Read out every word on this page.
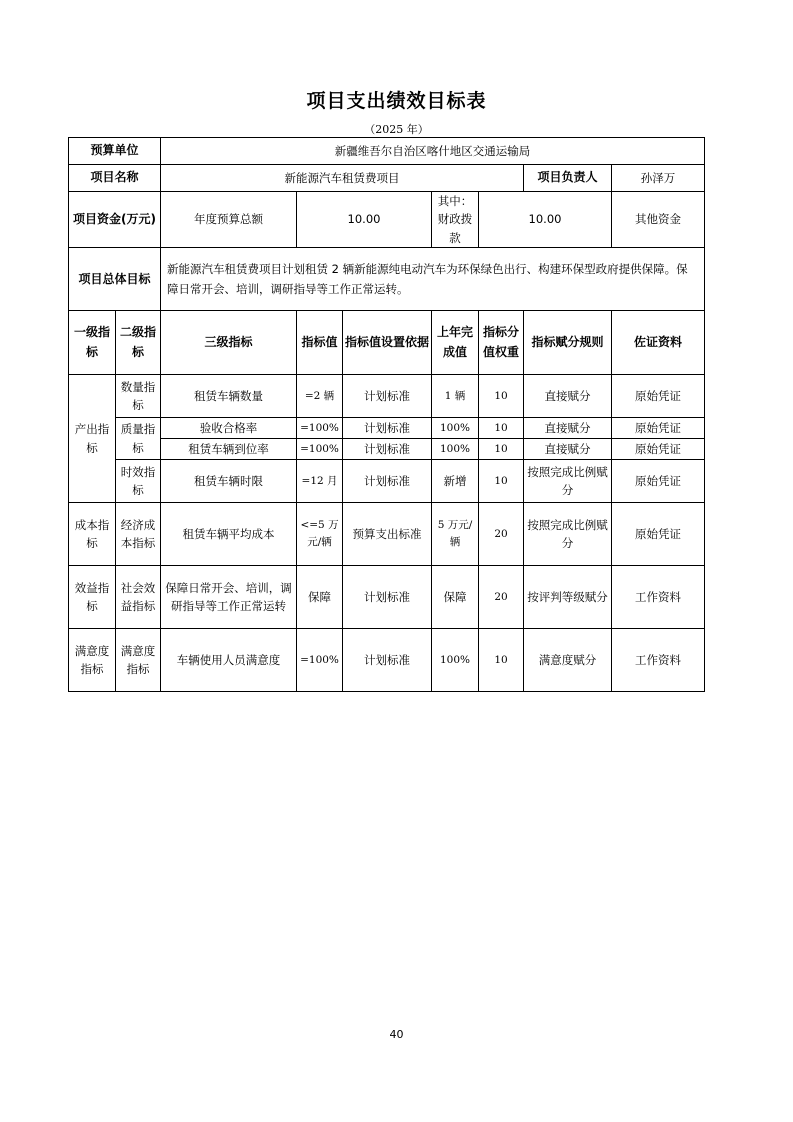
项目支出绩效目标表
（2025 年）
预算单位		新疆维吾尔自治区喀什地区交通运输局						
项目名称		新能源汽车租赁费项目					项目负责人	孙泽万
项目资金(万元)		年度预算总额	10.00		其中：财政拨款	10.00		其他资金
项目总体目标		新能源汽车租赁费项目计划租赁 2 辆新能源纯电动汽车为环保绿色出行、构建环保型政府提供保障。保障日常开会、培训，调研指导等工作正常运转。						
一级指标	二级指标	三级指标	指标值	指标值设置依据	上年完成值	指标分值权重	指标赋分规则	佐证资料
产出指标	数量指标	租赁车辆数量	=2 辆	计划标准	1 辆	10	直接赋分	原始凭证
	质量指标	验收合格率	=100%	计划标准	100%	10	直接赋分	原始凭证
		租赁车辆到位率	=100%	计划标准	100%	10	直接赋分	原始凭证
	时效指标	租赁车辆时限	=12 月	计划标准	新增	10	按照完成比例赋分	原始凭证
成本指标	经济成本指标	租赁车辆平均成本	<=5 万元/辆	预算支出标准	5 万元/辆	20	按照完成比例赋分	原始凭证
效益指标	社会效益指标	保障日常开会、培训，调研指导等工作正常运转	保障	计划标准	保障	20	按评判等级赋分	工作资料
满意度指标	满意度指标	车辆使用人员满意度	=100%	计划标准	100%	10	满意度赋分	工作资料
40
